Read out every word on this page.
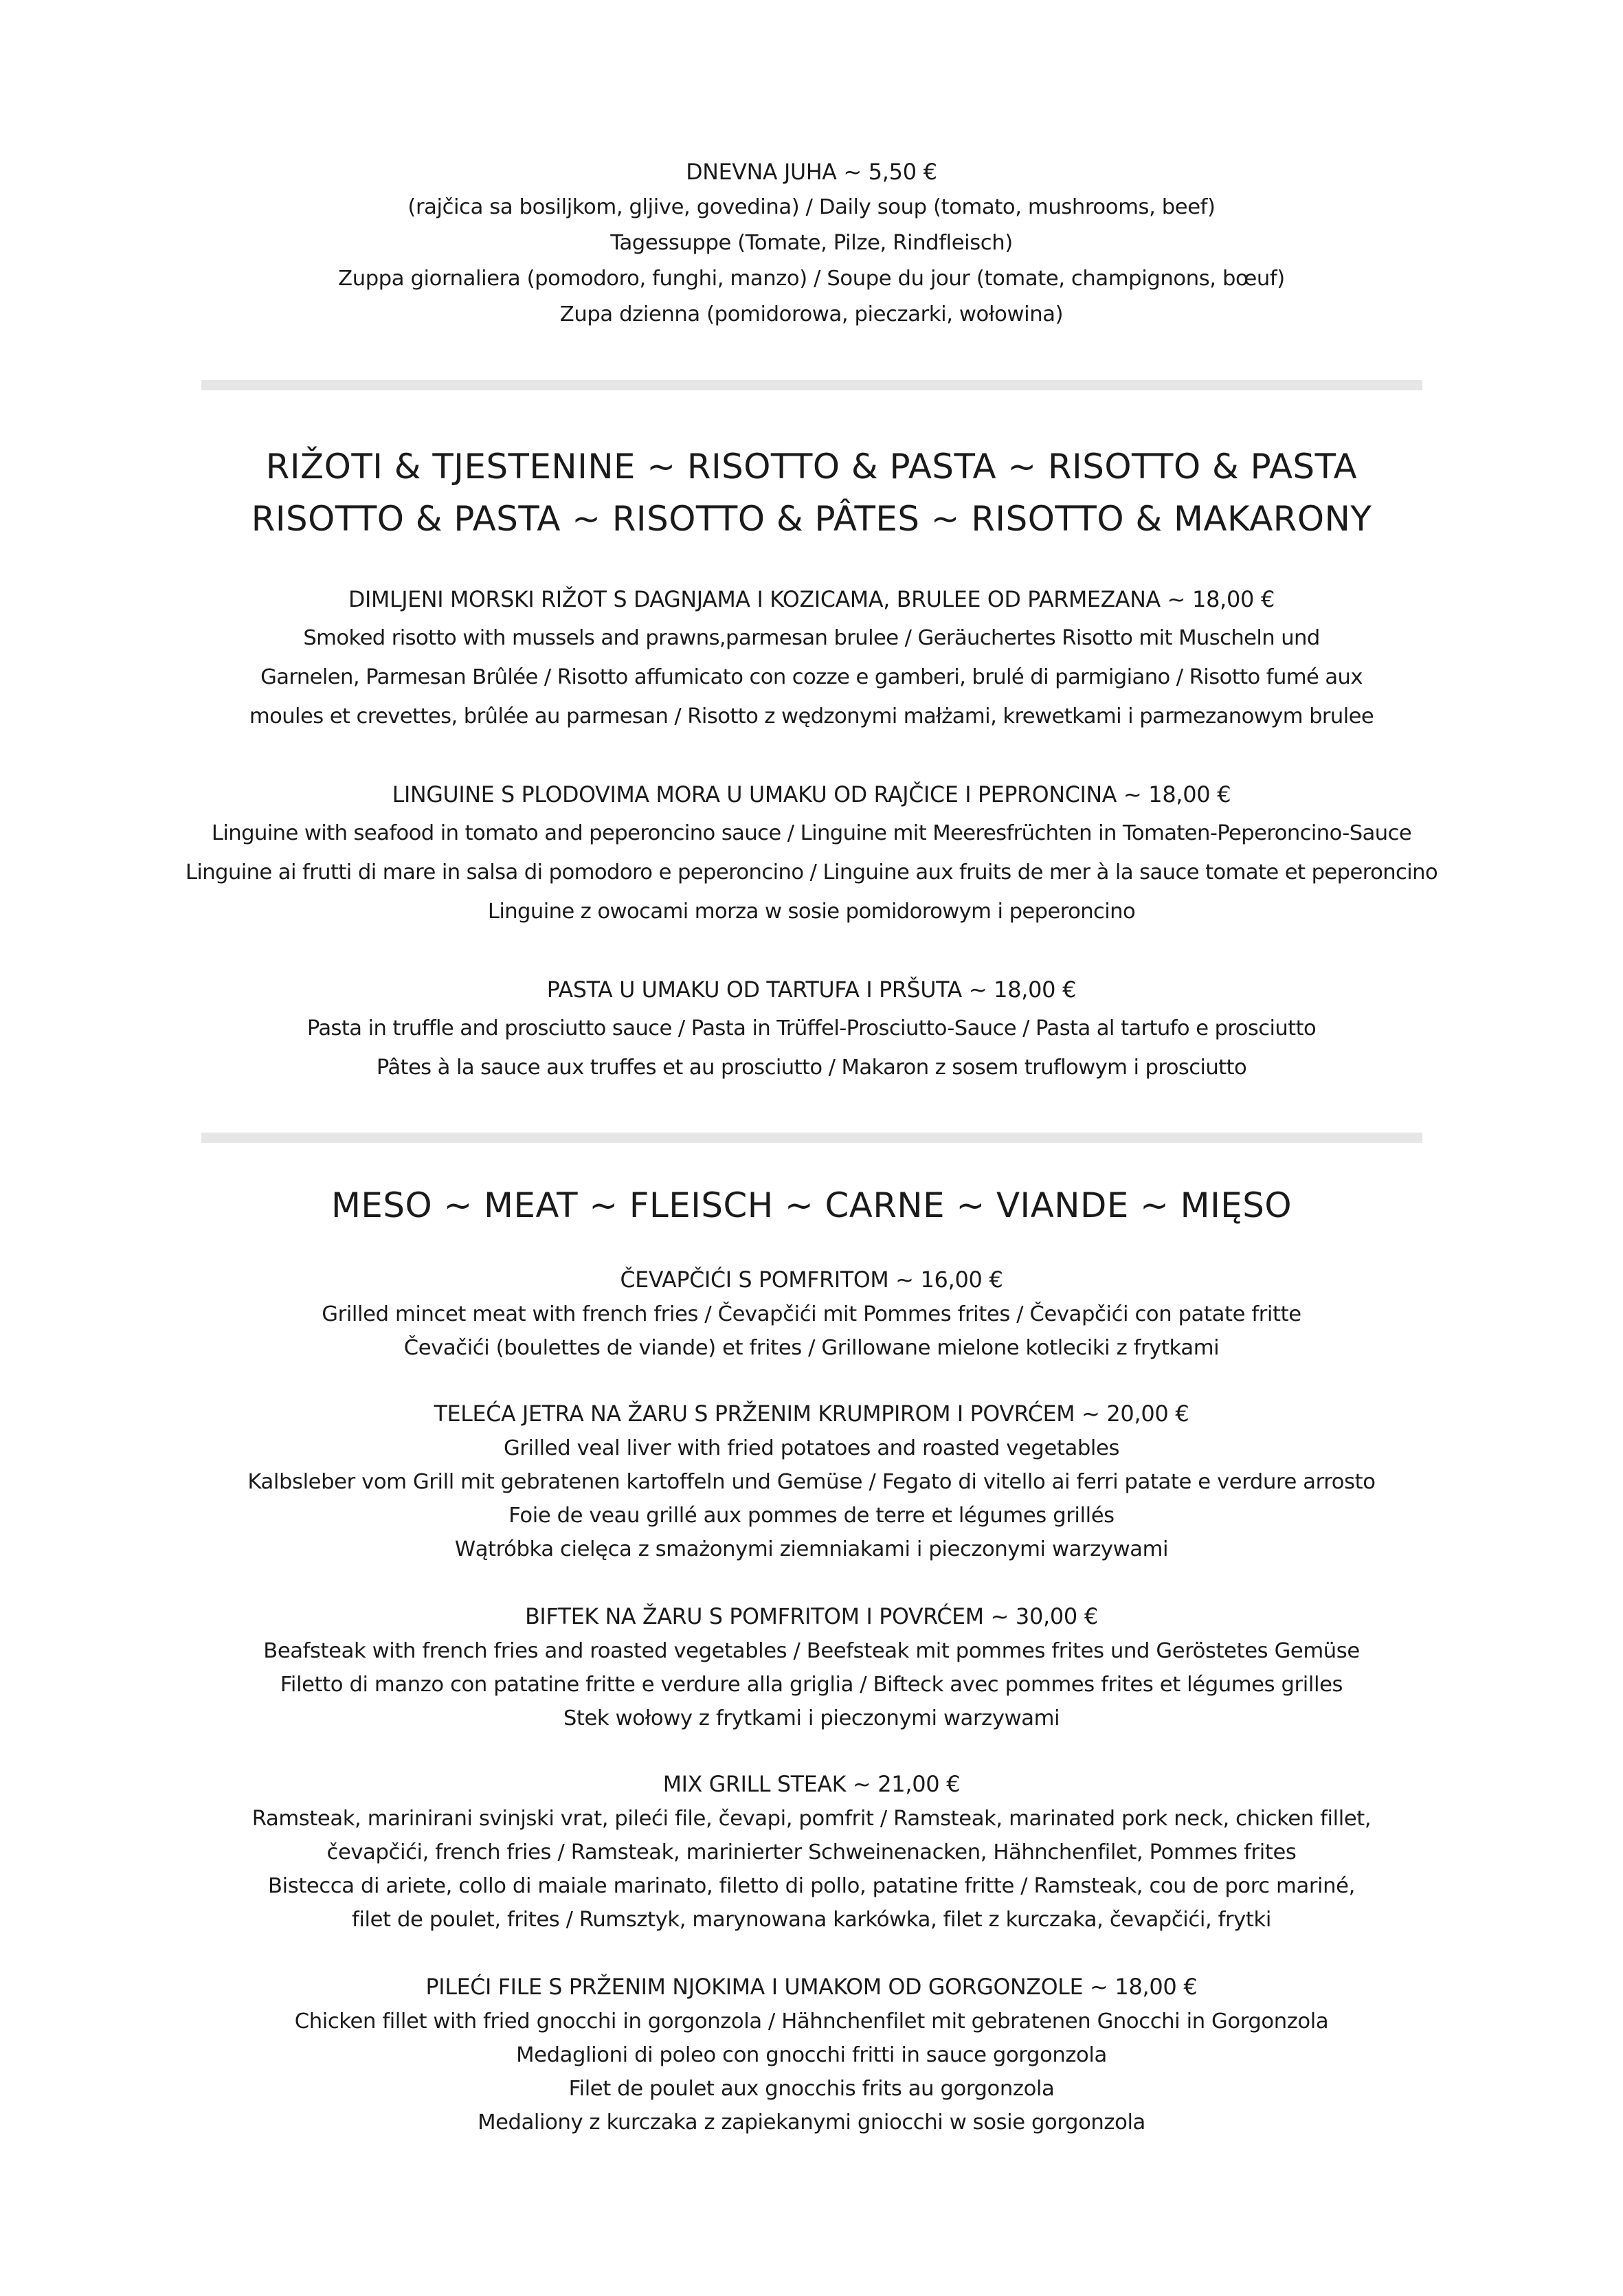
DNEVNA JUHA ~ 5,50 €

(rajčica sa bosiljkom, gljive, govedina) / Daily soup (tomato, mushrooms, beef)

Tagessuppe (Tomate, Pilze, Rindfleisch)

Zuppa giornaliera (pomodoro, funghi, manzo) / Soupe du jour (tomate, champignons, bœuf)

Zupa dzienna (pomidorowa, pieczarki, wołowina)

RIŽOTI & TJESTENINE ~ RISOTTO & PASTA ~ RISOTTO & PASTA

RISOTTO & PASTA ~ RISOTTO & PÂTES ~ RISOTTO & MAKARONY

DIMLJENI MORSKI RIŽOT S DAGNJAMA I KOZICAMA, BRULEE OD PARMEZANA ~ 18,00 €

Smoked risotto with mussels and prawns,parmesan brulee / Geräuchertes Risotto mit Muscheln und

Garnelen, Parmesan Brûlée / Risotto affumicato con cozze e gamberi, brulé di parmigiano / Risotto fumé aux

moules et crevettes, brûlée au parmesan / Risotto z wędzonymi małżami, krewetkami i parmezanowym brulee

LINGUINE S PLODOVIMA MORA U UMAKU OD RAJČICE I PEPRONCINA ~ 18,00 €

Linguine with seafood in tomato and peperoncino sauce / Linguine mit Meeresfrüchten in Tomaten-Peperoncino-Sauce

Linguine ai frutti di mare in salsa di pomodoro e peperoncino / Linguine aux fruits de mer à la sauce tomate et peperoncino

Linguine z owocami morza w sosie pomidorowym i peperoncino

PASTA U UMAKU OD TARTUFA I PRŠUTA ~ 18,00 €

Pasta in truffle and prosciutto sauce / Pasta in Trüffel-Prosciutto-Sauce / Pasta al tartufo e prosciutto

Pâtes à la sauce aux truffes et au prosciutto / Makaron z sosem truflowym i prosciutto

MESO ~ MEAT ~ FLEISCH ~ CARNE ~ VIANDE ~ MIĘSO

ČEVAPČIĆI S POMFRITOM ~ 16,00 €

Grilled mincet meat with french fries / Čevapčići mit Pommes frites / Čevapčići con patate fritte

Čevačići (boulettes de viande) et frites / Grillowane mielone kotleciki z frytkami

TELEĆA JETRA NA ŽARU S PRŽENIM KRUMPIROM I POVRĆEM ~ 20,00 €

Grilled veal liver with fried potatoes and roasted vegetables

Kalbsleber vom Grill mit gebratenen kartoffeln und Gemüse / Fegato di vitello ai ferri patate e verdure arrosto

Foie de veau grillé aux pommes de terre et légumes grillés

Wątróbka cielęca z smażonymi ziemniakami i pieczonymi warzywami

BIFTEK NA ŽARU S POMFRITOM I POVRĆEM ~ 30,00 €

Beafsteak with french fries and roasted vegetables / Beefsteak mit pommes frites und Geröstetes Gemüse

Filetto di manzo con patatine fritte e verdure alla griglia / Bifteck avec pommes frites et légumes grilles

Stek wołowy z frytkami i pieczonymi warzywami

MIX GRILL STEAK ~ 21,00 €

Ramsteak, marinirani svinjski vrat, pileći file, čevapi, pomfrit / Ramsteak, marinated pork neck, chicken fillet,

čevapčići, french fries / Ramsteak, marinierter Schweinenacken, Hähnchenfilet, Pommes frites

Bistecca di ariete, collo di maiale marinato, filetto di pollo, patatine fritte / Ramsteak, cou de porc mariné,

filet de poulet, frites / Rumsztyk, marynowana karkówka, filet z kurczaka, čevapčići, frytki

PILEĆI FILE S PRŽENIM NJOKIMA I UMAKOM OD GORGONZOLE ~ 18,00 €

Chicken fillet with fried gnocchi in gorgonzola / Hähnchenfilet mit gebratenen Gnocchi in Gorgonzola

Medaglioni di poleo con gnocchi fritti in sauce gorgonzola

Filet de poulet aux gnocchis frits au gorgonzola

Medaliony z kurczaka z zapiekanymi gniocchi w sosie gorgonzola
